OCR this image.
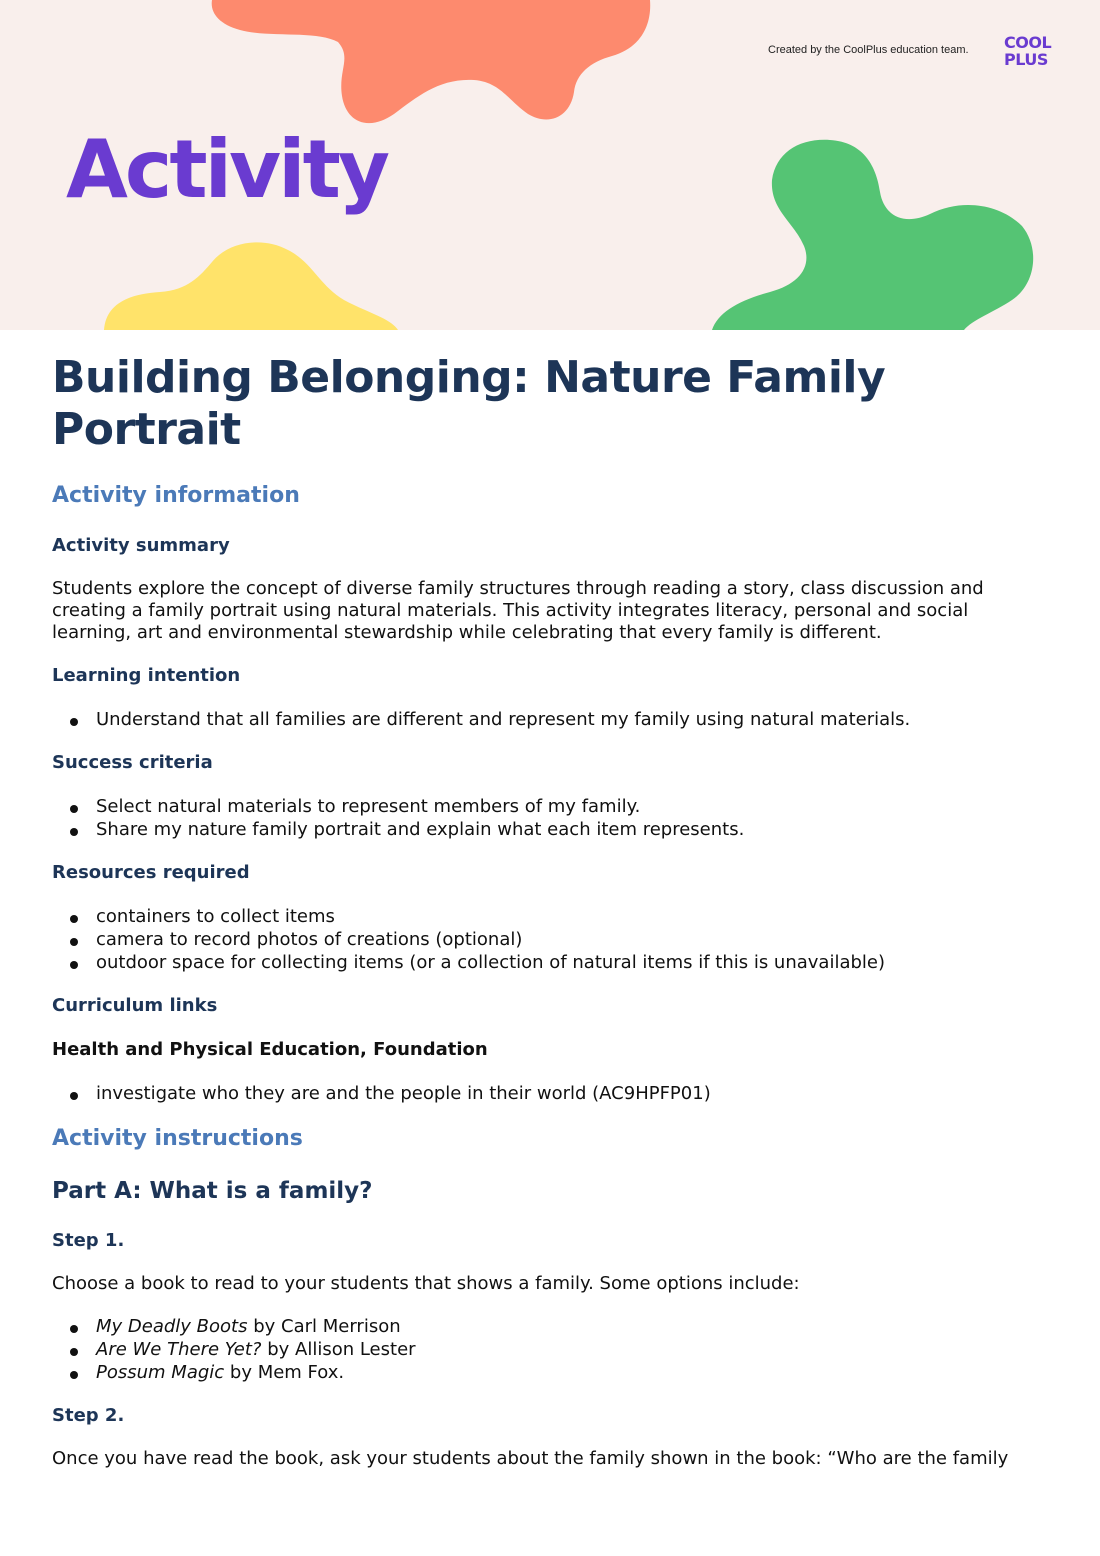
Created by the CoolPlus education team. COOL
PLUS
Activity
Building Belonging: Nature Family Portrait
Activity information
Activity summary

Students explore the concept of diverse family structures through reading a story, class discussion and creating a family portrait using natural materials. This activity integrates literacy, personal and social learning, art and environmental stewardship while celebrating that every family is different.

Learning intention
Understand that all families are different and represent my family using natural materials.
Success criteria
Select natural materials to represent members of my family.
Share my nature family portrait and explain what each item represents.
Resources required
containers to collect items
camera to record photos of creations (optional)
outdoor space for collecting items (or a collection of natural items if this is unavailable)
Curriculum links
Health and Physical Education, Foundation
investigate who they are and the people in their world (AC9HPFP01)
Activity instructions
Part A: What is a family?
Step 1.

Choose a book to read to your students that shows a family. Some options include:

My Deadly Boots by Carl Merrison
Are We There Yet? by Allison Lester
Possum Magic by Mem Fox.
Step 2.

Once you have read the book, ask your students about the family shown in the book: “Who are the family
